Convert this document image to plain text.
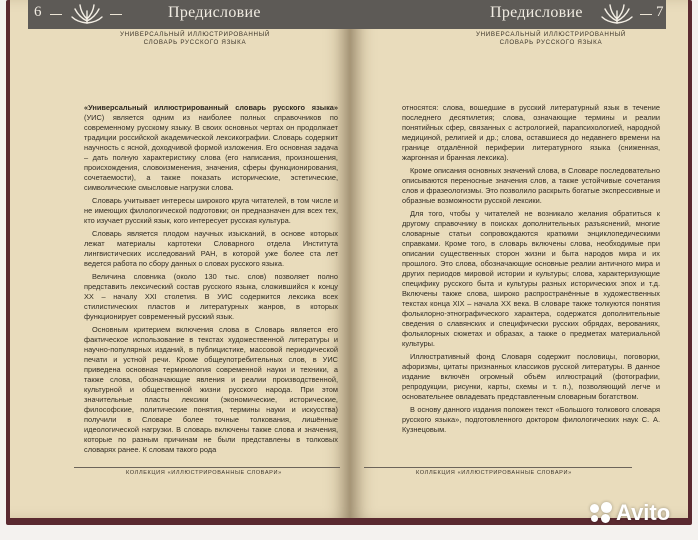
6	Предисловие
УНИВЕРСАЛЬНЫЙ ИЛЛЮСТРИРОВАННЫЙ
СЛОВАРЬ РУССКОГО ЯЗЫКА

«Универсальный иллюстрированный словарь русского языка» (УИС) является одним из наиболее полных справочников по современному русскому языку. В своих основных чертах он продолжает традиции российской академической лексикографии. Словарь содержит научность с ясной, доходчивой формой изложения. Его основная задача – дать полную характеристику слова (его написания, произношения, происхождения, словоизменения, значения, сферы функционирования, сочетаемости), а также показать исторические, эстетические, символические смысловые нагрузки слова.

Словарь учитывает интересы широкого круга читателей, в том числе и не имеющих филологической подготовки; он предназначен для всех тех, кто изучает русский язык, кого интересует русская культура.

Словарь является плодом научных изысканий, в основе которых лежат материалы картотеки Словарного отдела Института лингвистических исследований РАН, в которой уже более ста лет ведется работа по сбору данных о словах русского языка.

Величина словника (около 130 тыс. слов) позволяет полно представить лексический состав русского языка, сложившийся к концу XX – началу XXI столетия. В УИС содержится лексика всех стилистических пластов и литературных жанров, в которых функционирует современный русский язык.

Основным критерием включения слова в Словарь является его фактическое использование в текстах художественной литературы и научно-популярных изданий, в публицистике, массовой периодической печати и устной речи. Кроме общеупотребительных слов, в УИС приведена основная терминология современной науки и техники, а также слова, обозначающие явления и реалии производственной, культурной и общественной жизни русского народа. При этом значительные пласты лексики (экономические, исторические, философские, политические понятия, термины науки и искусства) получили в Словаре более точные толкования, лишённые идеологической нагрузки. В словарь включены также слова и значения, которые по разным причинам не были представлены в толковых словарях ранее. К словам такого рода

КОЛЛЕКЦИЯ «ИЛЛЮСТРИРОВАННЫЕ СЛОВАРИ»
Предисловие	7
УНИВЕРСАЛЬНЫЙ ИЛЛЮСТРИРОВАННЫЙ
СЛОВАРЬ РУССКОГО ЯЗЫКА

относятся: слова, вошедшие в русский литературный язык в течение последнего десятилетия; слова, означающие термины и реалии понятийных сфер, связанных с астрологией, парапсихологией, народной медициной, религией и др.; слова, оставшиеся до недавнего времени на границе отдалённой периферии литературного языка (сниженная, жаргонная и бранная лексика).

Кроме описания основных значений слова, в Словаре последовательно описываются переносные значения слов, а также устойчивые сочетания слов и фразеологизмы. Это позволило раскрыть богатые экспрессивные и образные возможности русской лексики.

Для того, чтобы у читателей не возникало желания обратиться к другому справочнику в поисках дополнительных разъяснений, многие словарные статьи сопровождаются краткими энциклопедическими справками. Кроме того, в словарь включены слова, необходимые при описании существенных сторон жизни и быта народов мира и их прошлого. Это слова, обозначающие основные реалии античного мира и других периодов мировой истории и культуры; слова, характеризующие специфику русского быта и культуры разных исторических эпох и т.д. Включены также слова, широко распространённые в художественных текстах конца XIX – начала XX века. В словаре также толкуются понятия фольклорно-этнографического характера, содержатся дополнительные сведения о славянских и специфически русских обрядах, верованиях, фольклорных сюжетах и образах, а также о предметах материальной культуры.

Иллюстративный фонд Словаря содержит пословицы, поговорки, афоризмы, цитаты признанных классиков русской литературы. В данное издание включён огромный объём иллюстраций (фотографии, репродукции, рисунки, карты, схемы и т. п.), позволяющий легче и основательнее овладевать представленным словарным богатством.

В основу данного издания положен текст «Большого толкового словаря русского языка», подготовленного доктором филологических наук С. А. Кузнецовым.

КОЛЛЕКЦИЯ «ИЛЛЮСТРИРОВАННЫЕ СЛОВАРИ»
Avito
